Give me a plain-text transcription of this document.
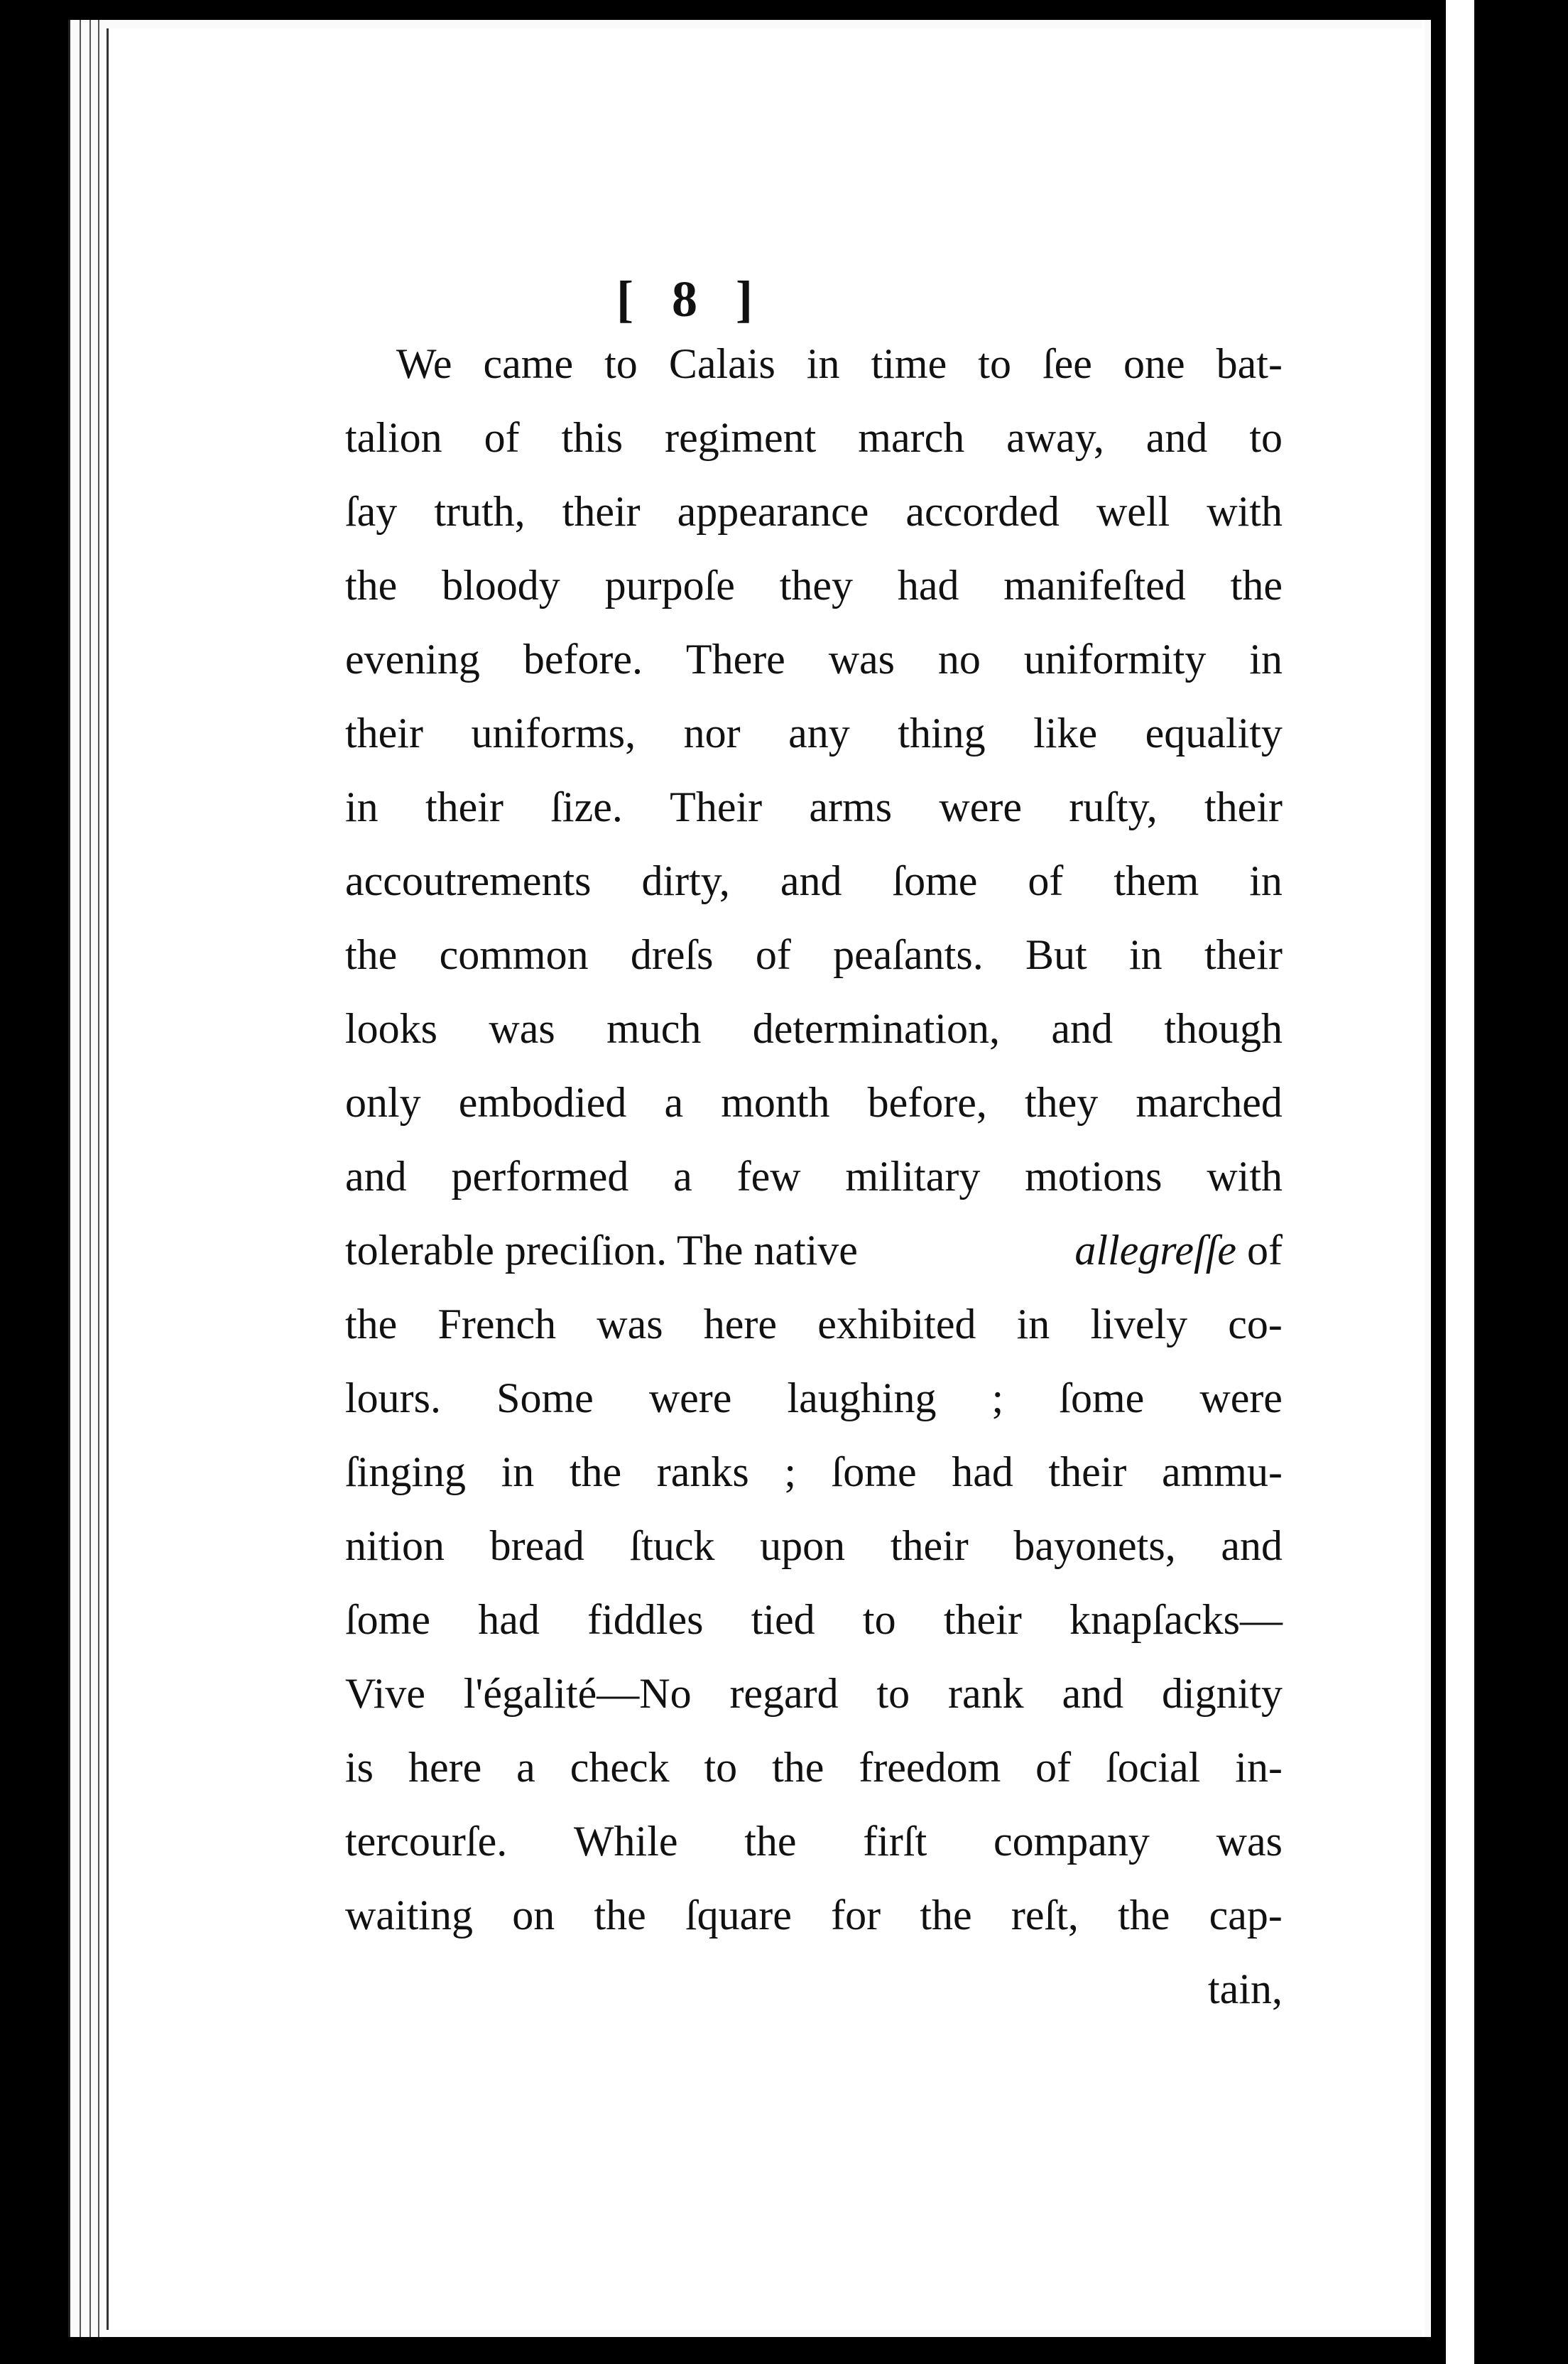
[ 8 ]
We came to Calais in time to ſee one bat-
talion of this regiment march away, and to
ſay truth, their appearance accorded well with
the bloody purpoſe they had manifeſted the
evening before. There was no uniformity in
their uniforms, nor any thing like equality
in their ſize. Their arms were ruſty, their
accoutrements dirty, and ſome of them in
the common dreſs of peaſants. But in their
looks was much determination, and though
only embodied a month before, they marched
and performed a few military motions with
tolerable preciſion. The native	allegreſſe of
the French was here exhibited in lively co-
lours. Some were laughing ; ſome were
ſinging in the ranks ; ſome had their ammu-
nition bread ſtuck upon their bayonets, and
ſome had fiddles tied to their knapſacks—
Vive l'égalité—No regard to rank and dignity
is here a check to the freedom of ſocial in-
tercourſe. While the firſt company was
waiting on the ſquare for the reſt, the cap-
tain,
